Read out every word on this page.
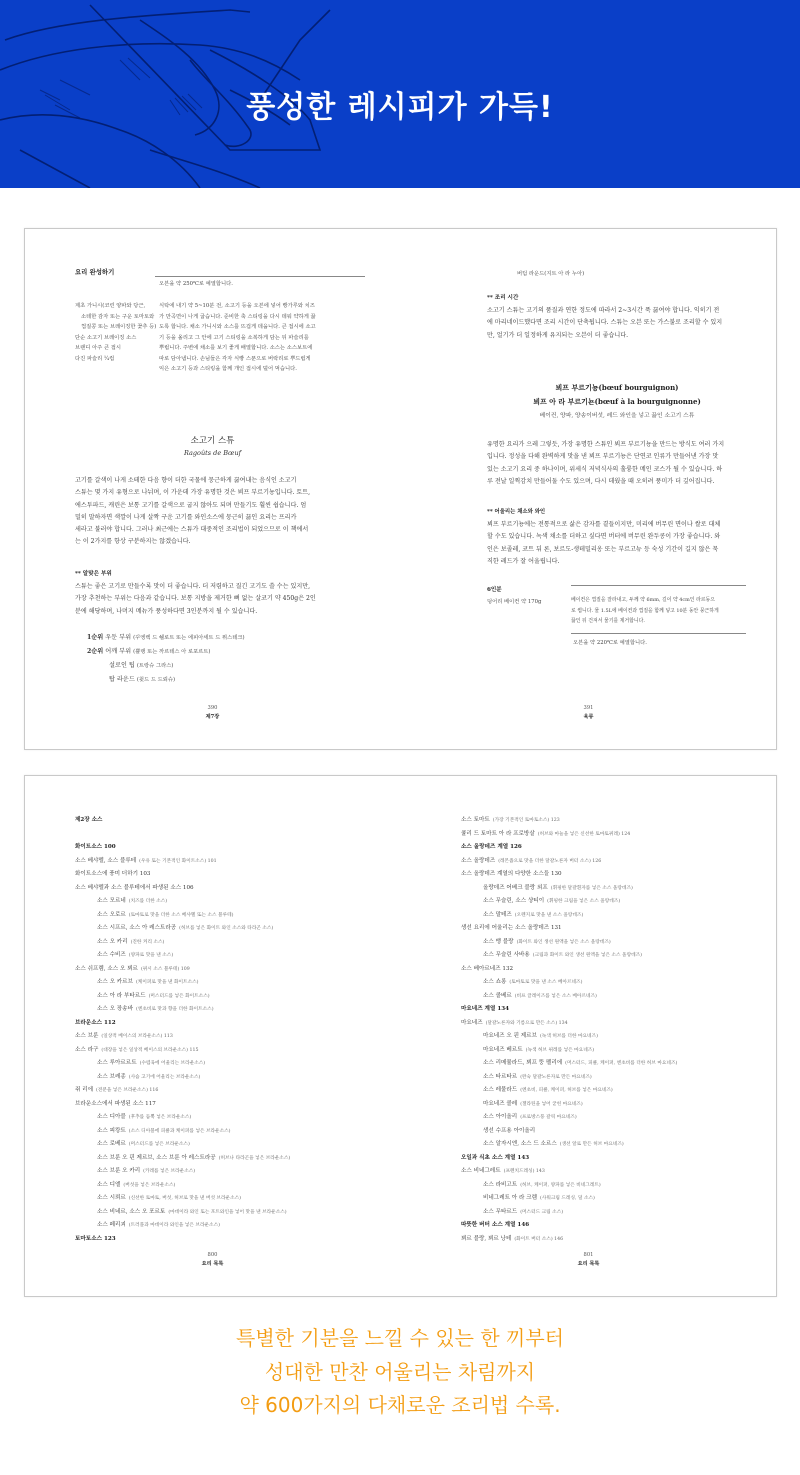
풍성한 레시피가 가득!
요리 완성하기
오븐을 약 250℃로 예열합니다.
제초 가니시(코린 양파와 당근,
소테한 감자 또는 구운 토마토와
껍질콩 또는 브레이징한 꽃추 등)
단순 소고기 브레이징 소스
브랜디 아주 큰 접시
다진 파슬리 ¼컵
식탁에 내기 약 5~10분 전, 소고기 등을 오븐에 넣어 빵가루와 치즈
가 만곡면이 나게 굽습니다. 준비한 축 스티링을 다시 데워 약하게 끓
도록 합니다. 채소 가니시와 소스를 뜨겁게 데웁니다. 큰 접시에 소고
기 등을 올리고 그 안에 고기 스티링을 소복하게 담는 뒤 파슬리를
뿌립니다. 주변에 채소를 보기 좋게 배열합니다. 소스는 소스보트에
따로 담아냅니다. 손님들은 각자 식빵 스푼으로 버락리로 뿌드립게
익은 소고기 등과 스티링을 함께 개인 접시에 덜어 먹습니다.
소고기 스튜
Ragoûts de Bœuf
고기를 갈색이 나게 소테한 다음 향이 더한 국물에 뭉근하게 끓여내는 음식인 소고기
스튜는 몇 가지 유형으로 나뉘며, 이 가운데 가장 유명한 것은 뵈프 부르기뇽입니다. 토트,
에스투파드, 캐린은 보통 고기를 갈색으로 굽지 않아도 되며 만들기도 훨씬 쉽습니다. 엄
밀히 말하자면 색깔이 나게 살짝 구운 고기를 와인소스에 뭉근히 끓인 요리는 프리카
세라고 불러야 합니다. 그러나 최근에는 스튜가 대중적인 조리법이 되었으므로 이 책에서
는 이 2가지를 항상 구분하지는 않겠습니다.
** 알맞은 부위
스튜는 좋은 고기로 만들수록 맛이 더 좋습니다. 더 저렴하고 질긴 고기도 쓸 수는 있지만,
가장 추천하는 부위는 다음과 같습니다. 보통 지방을 제거한 뼈 없는 살코기 약 450g은 2인
분에 해당하며, 나머지 메뉴가 풍성하다면 3인분까지 될 수 있습니다.
1순위 우둔 부위 (꾸엥렉 드 쉘로트 또는 에피아세트 드 퓌스테크)
2순위 어깨 부위 (쁠랭 또는 까르테스 아 로포르트)
설로인 팁 (트랑슈 그라스)
탑 라운드 (윗드 드 드뢰슈)
390
제7장
버텀 라운드(지트 아 라 누아)
** 조리 시간
소고기 스튜는 고기의 품질과 연한 정도에 따라서 2~3시간 푹 끓여야 합니다. 익히기 전
에 마리네이드했다면 조리 시간이 단축됩니다. 스튜는 오븐 또는 가스불로 조리할 수 있지
만, 얼기가 더 일정하게 유지되는 오븐이 더 좋습니다.
뵈프 부르기뇽(bœuf bourguignon)
뵈프 아 라 부르기뇬(bœuf à la bourguignonne)
베이컨, 양파, 양송이버섯, 레드 와인을 넣고 끓인 소고기 스튜
유명한 요리가 으레 그렇듯, 가장 유명한 스튜인 뵈프 부르기뇽을 만드는 방식도 여러 가지
입니다. 정성을 다해 완벽하게 맛을 낸 뵈프 부르기뇽은 단연코 인류가 만들어낸 가장 맛
있는 소고기 요리 중 하나이며, 위세식 저녁식사의 훌륭한 메인 코스가 될 수 있습니다. 하
루 전날 일찍감치 만들어둘 수도 있으며, 다시 데웠을 때 오히려 풍미가 더 깊어집니다.
** 어울리는 채소와 와인
뵈프 부르기뇽에는 전통적으로 삶은 감자를 곁들이지만, 미리에 버무린 면이나 쌀로 대체
할 수도 있습니다. 녹색 채소를 더하고 싶다면 버터에 버무린 완두콩이 가장 좋습니다. 와
인은 보졸레, 코트 뒤 론, 보르도-생테밀리옹 또는 부르고뉴 등 숙성 기간이 길지 않은 묵
직한 레드가 잘 어울립니다.
6인분
덩어리 베이컨 약 170g	베이컨은 껍질을 잘라내고, 두께 약 6mm, 길이 약 4cm인 라르동으
로 썹니다. 물 1.5L에 베이컨과 껍질을 함께 넣고 10분 동안 뭉근하게
끓인 뒤 건져서 물기를 제거합니다.
오븐을 약 220℃로 예열합니다.
391
육류
제2장 소스
화이트소스 100
소스 베샤멜, 소스 블루테 (우유 또는 기본적인 화이트소스) 101
화이트소스에 풍미 더하기 103
소스 베샤멜과 소스 블루테에서 파생된 소스 106
소스 모르네 (치즈를 더한 소스)
소스 오로르 (토마토로 맛을 더한 소스 베샤멜 또는 소스 블루테)
소스 시프르, 소스 아 레스트라공 (허브를 넣은 화이트 와인 소스와 타라곤 소스)
소스 오 카리 (진한 커리 소스)
소스 수비즈 (양파로 맛을 낸 소스)
소스 쉬프렘, 소스 오 뵈르 (퓌시 소스 블루테) 109
소스 오 카르브 (케이퍼로 맛을 낸 화이트소스)
소스 아 라 부타르드 (머스터드를 넣은 화이트소스)
소스 오 장송바 (엔초비로 맛과 향을 더한 화이트소스)
브라운소스 112
소스 브룬 (일상적 베이스의 브라운소스) 113
소스 라구 (대장을 넣은 일상적 베이스의 브라운소스) 115
소스 루아르르트 (수렵육에 어울리는 브라운소스)
소스 브레종 (사슴 고기에 어울리는 브라운소스)
쥐 리에 (전분을 넣은 브라운소스) 116
브라운소스에서 파생된 소스 117
소스 디아블 (후추를 듬뿍 넣은 브라운소스)
소스 피캉트 (소스 디아블에 피클과 케이퍼를 넣은 브라운소스)
소스 로베르 (머스터드를 넣은 브라운소스)
소스 브룬 오 핀 제르브, 소스 브룬 아 레스트라공 (허브나 타라곤을 넣은 브라운소스)
소스 브룬 오 카리 (카레를 넣은 브라운소스)
소스 디엘 (버섯을 넣은 브라운소스)
소스 시뢰르 (신선한 토마토, 버섯, 허브로 맛을 낸 버섯 브라운소스)
소스 비네르, 소스 오 포르토 (마데이라 와인 또는 포트와인을 넣어 맛을 낸 브라운소스)
소스 페리괴 (트러플과 마데이라 와인을 넣은 브라운소스)
토마토소스 123
800
요리 목록
소스 토마트 (가장 기본적인 토마토소스) 123
쿨리 드 토마트 아 라 프로방살 (허브와 마늘을 넣은 신선한 토마토퓌레) 124
소스 올랑데즈 계열 126
소스 올랑데즈 (레몬즙으로 맛을 더한 달걀노른자 버터 소스) 126
소스 올랑데즈 계열의 다양한 소스들 130
올랑데즈 어베크 블랑 외프 (휘핑한 달걀흰자를 넣은 소스 올랑데즈)
소스 무슬린, 소스 샹티이 (휘핑한 크림을 넣은 소스 올랑데즈)
소스 말테즈 (오렌지로 맛을 낸 소스 올랑데즈)
생선 요리에 어울리는 소스 올랑데즈 131
소스 뱅 블랑 (화이트 와인 생선 원액을 넣은 소스 올랑데즈)
소스 무슬린 사바용 (크림과 화이트 와인 생선 원액을 넣은 소스 올랑데즈)
소스 베아르네즈 132
소스 쇼롱 (토마토로 맛을 낸 소스 베아르네즈)
소스 콜베르 (비프 글레이즈를 넣은 소스 베아르네즈)
마요네즈 계열 134
마요네즈 (달걀노른자와 기름으로 만든 소스) 134
마요네즈 오 핀 제르브 (녹색 허브를 더한 마요네즈)
마요네즈 베르트 (녹색 허브 퓌레를 넣은 마요네즈)
소스 리메뮬라드, 뵈프 뚱 펠리에 (머스터드, 피클, 케이퍼, 엔초비를 더한 허브 마요네즈)
소스 타르타르 (완숙 달걀노른자로 만든 마요네즈)
소스 레물라드 (엔초비, 피클, 케이퍼, 허브를 넣은 마요네즈)
마요네즈 콜레 (젤라틴을 넣어 굳힌 마요네즈)
소스 아이올리 (프로방스풍 갈릭 마요네즈)
생선 수프용 아이올리
소스 알자시엔, 소스 드 소르스 (생선 알로 만든 허브 마요네즈)
오일과 식초 소스 계열 143
소스 비네그레트 (프렌치드레싱) 143
소스 라비고트 (허브, 케이퍼, 양파를 넣은 비네그레트)
비네그레트 아 라 크렘 (사워크림 드레싱, 딜 소스)
소스 무타르드 (머스터드 크림 소스)
따뜻한 버터 소스 계열 146
뵈르 블랑, 뵈르 낭테 (화이트 버터 소스) 146
801
요리 목록
특별한 기분을 느낄 수 있는 한 끼부터
성대한 만찬 어울리는 차림까지
약 600가지의 다채로운 조리법 수록.
